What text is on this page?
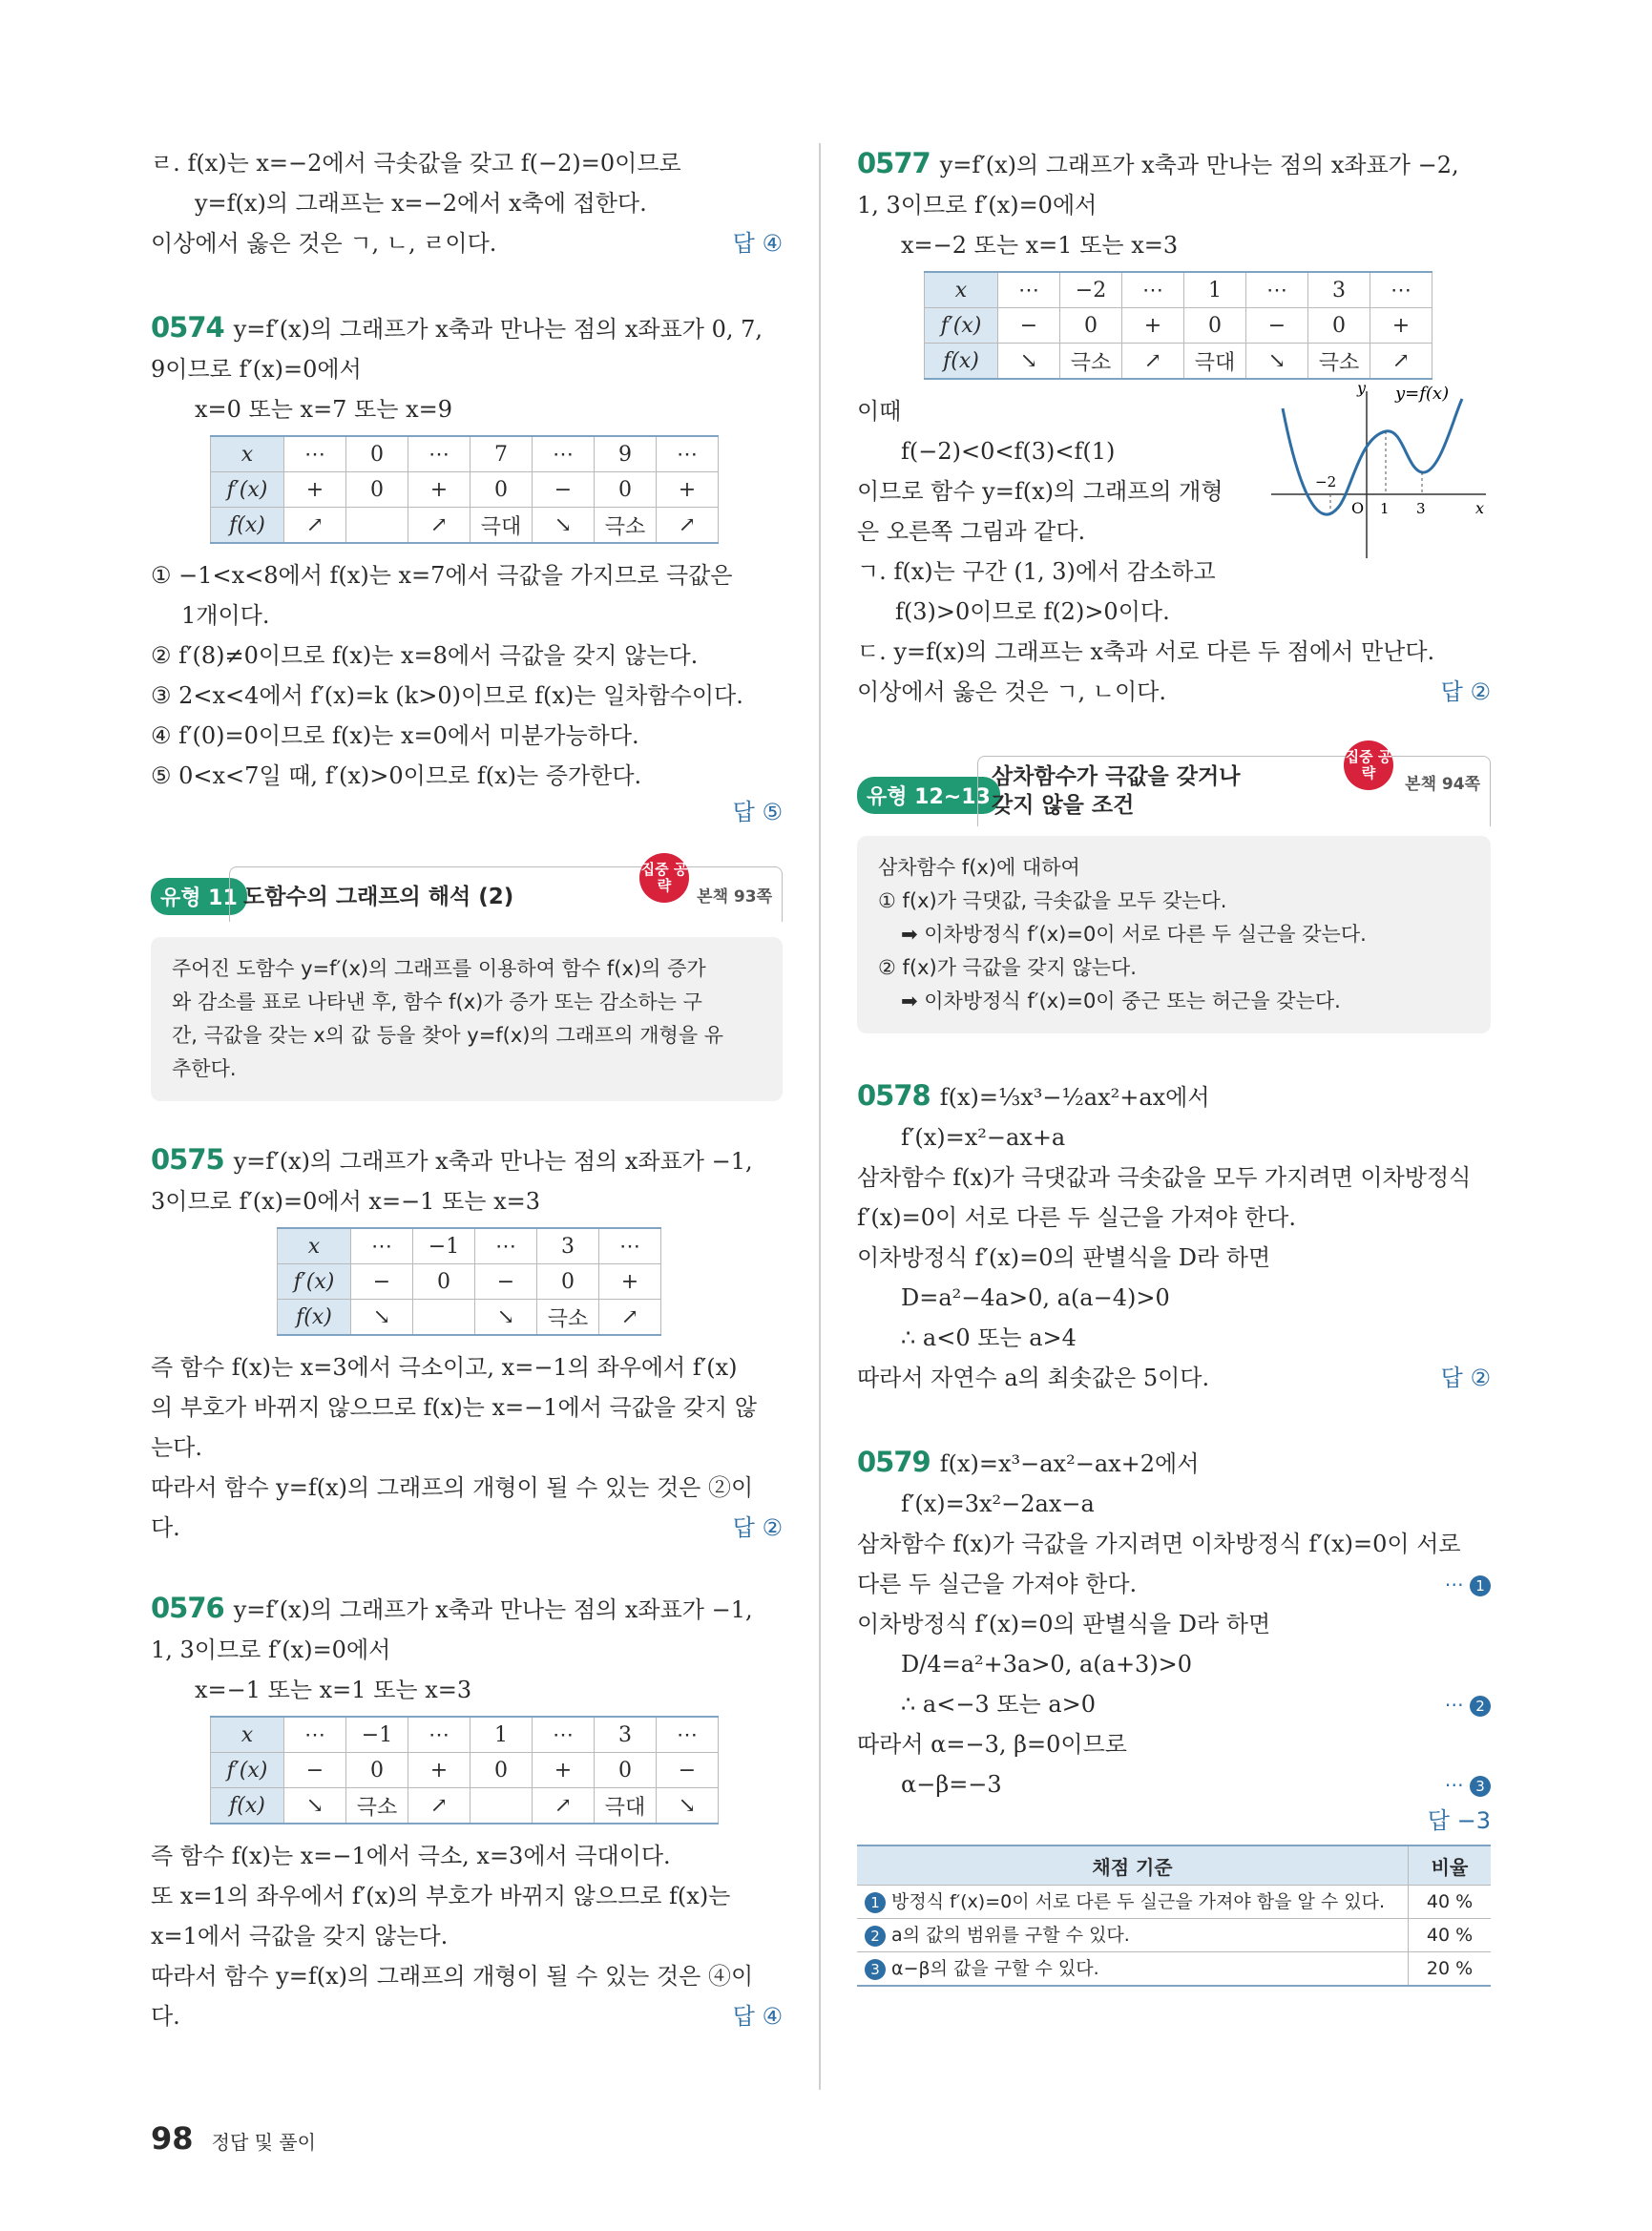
ㄹ. f(x)는 x=−2에서 극솟값을 갖고 f(−2)=0이므로

y=f(x)의 그래프는 x=−2에서 x축에 접한다.

이상에서 옳은 것은 ㄱ, ㄴ, ㄹ이다.	답 ④

0574 y=f′(x)의 그래프가 x축과 만나는 점의 x좌표가 0, 7,

9이므로 f′(x)=0에서

x=0 또는 x=7 또는 x=9

x	⋯	0	⋯	7	⋯	9	⋯
f′(x)	+	0	+	0	−	0	+
f(x)	↗		↗	극대	↘	극소	↗

① −1<x<8에서 f(x)는 x=7에서 극값을 가지므로 극값은

1개이다.

② f′(8)≠0이므로 f(x)는 x=8에서 극값을 갖지 않는다.

③ 2<x<4에서 f′(x)=k (k>0)이므로 f(x)는 일차함수이다.

④ f′(0)=0이므로 f(x)는 x=0에서 미분가능하다.

⑤ 0<x<7일 때, f′(x)>0이므로 f(x)는 증가한다.

답 ⑤

유형 11 도함수의 그래프의 해석 (2)	본책 93쪽
집중 공략

주어진 도함수 y=f′(x)의 그래프를 이용하여 함수 f(x)의 증가

와 감소를 표로 나타낸 후, 함수 f(x)가 증가 또는 감소하는 구

간, 극값을 갖는 x의 값 등을 찾아 y=f(x)의 그래프의 개형을 유

추한다.

0575 y=f′(x)의 그래프가 x축과 만나는 점의 x좌표가 −1,

3이므로 f′(x)=0에서 x=−1 또는 x=3

x	⋯	−1	⋯	3	⋯
f′(x)	−	0	−	0	+
f(x)	↘		↘	극소	↗

즉 함수 f(x)는 x=3에서 극소이고, x=−1의 좌우에서 f′(x)

의 부호가 바뀌지 않으므로 f(x)는 x=−1에서 극값을 갖지 않

는다.

따라서 함수 y=f(x)의 그래프의 개형이 될 수 있는 것은 ②이

다.	답 ②

0576 y=f′(x)의 그래프가 x축과 만나는 점의 x좌표가 −1,

1, 3이므로 f′(x)=0에서

x=−1 또는 x=1 또는 x=3

x	⋯	−1	⋯	1	⋯	3	⋯
f′(x)	−	0	+	0	+	0	−
f(x)	↘	극소	↗		↗	극대	↘

즉 함수 f(x)는 x=−1에서 극소, x=3에서 극대이다.

또 x=1의 좌우에서 f′(x)의 부호가 바뀌지 않으므로 f(x)는

x=1에서 극값을 갖지 않는다.

따라서 함수 y=f(x)의 그래프의 개형이 될 수 있는 것은 ④이

다.	답 ④

0577 y=f′(x)의 그래프가 x축과 만나는 점의 x좌표가 −2,

1, 3이므로 f′(x)=0에서

x=−2 또는 x=1 또는 x=3

x	⋯	−2	⋯	1	⋯	3	⋯
f′(x)	−	0	+	0	−	0	+
f(x)	↘	극소	↗	극대	↘	극소	↗
y y=f(x)
x
O
−2
1 3

이때

f(−2)<0<f(3)<f(1)

이므로 함수 y=f(x)의 그래프의 개형

은 오른쪽 그림과 같다.

ㄱ. f(x)는 구간 (1, 3)에서 감소하고

f(3)>0이므로 f(2)>0이다.

ㄷ. y=f(x)의 그래프는 x축과 서로 다른 두 점에서 만난다.

이상에서 옳은 것은 ㄱ, ㄴ이다.	답 ②

유형 12~13
삼차함수가 극값을 갖거나
갖지 않을 조건
본책 94쪽
집중 공략

삼차함수 f(x)에 대하여

① f(x)가 극댓값, 극솟값을 모두 갖는다.

➡ 이차방정식 f′(x)=0이 서로 다른 두 실근을 갖는다.

② f(x)가 극값을 갖지 않는다.

➡ 이차방정식 f′(x)=0이 중근 또는 허근을 갖는다.

0578 f(x)=⅓x³−½ax²+ax에서

f′(x)=x²−ax+a

삼차함수 f(x)가 극댓값과 극솟값을 모두 가지려면 이차방정식

f′(x)=0이 서로 다른 두 실근을 가져야 한다.

이차방정식 f′(x)=0의 판별식을 D라 하면

D=a²−4a>0, a(a−4)>0

∴ a<0 또는 a>4

따라서 자연수 a의 최솟값은 5이다.	답 ②

0579 f(x)=x³−ax²−ax+2에서

f′(x)=3x²−2ax−a

삼차함수 f(x)가 극값을 가지려면 이차방정식 f′(x)=0이 서로

다른 두 실근을 가져야 한다.	⋯ 1

이차방정식 f′(x)=0의 판별식을 D라 하면

D/4=a²+3a>0, a(a+3)>0

∴ a<−3 또는 a>0	⋯ 2

따라서 α=−3, β=0이므로

α−β=−3	⋯ 3

답 −3

채점 기준	비율
1 방정식 f′(x)=0이 서로 다른 두 실근을 가져야 함을 알 수 있다.	40 %
2 a의 값의 범위를 구할 수 있다.	40 %
3 α−β의 값을 구할 수 있다.	20 %
98 정답 및 풀이
